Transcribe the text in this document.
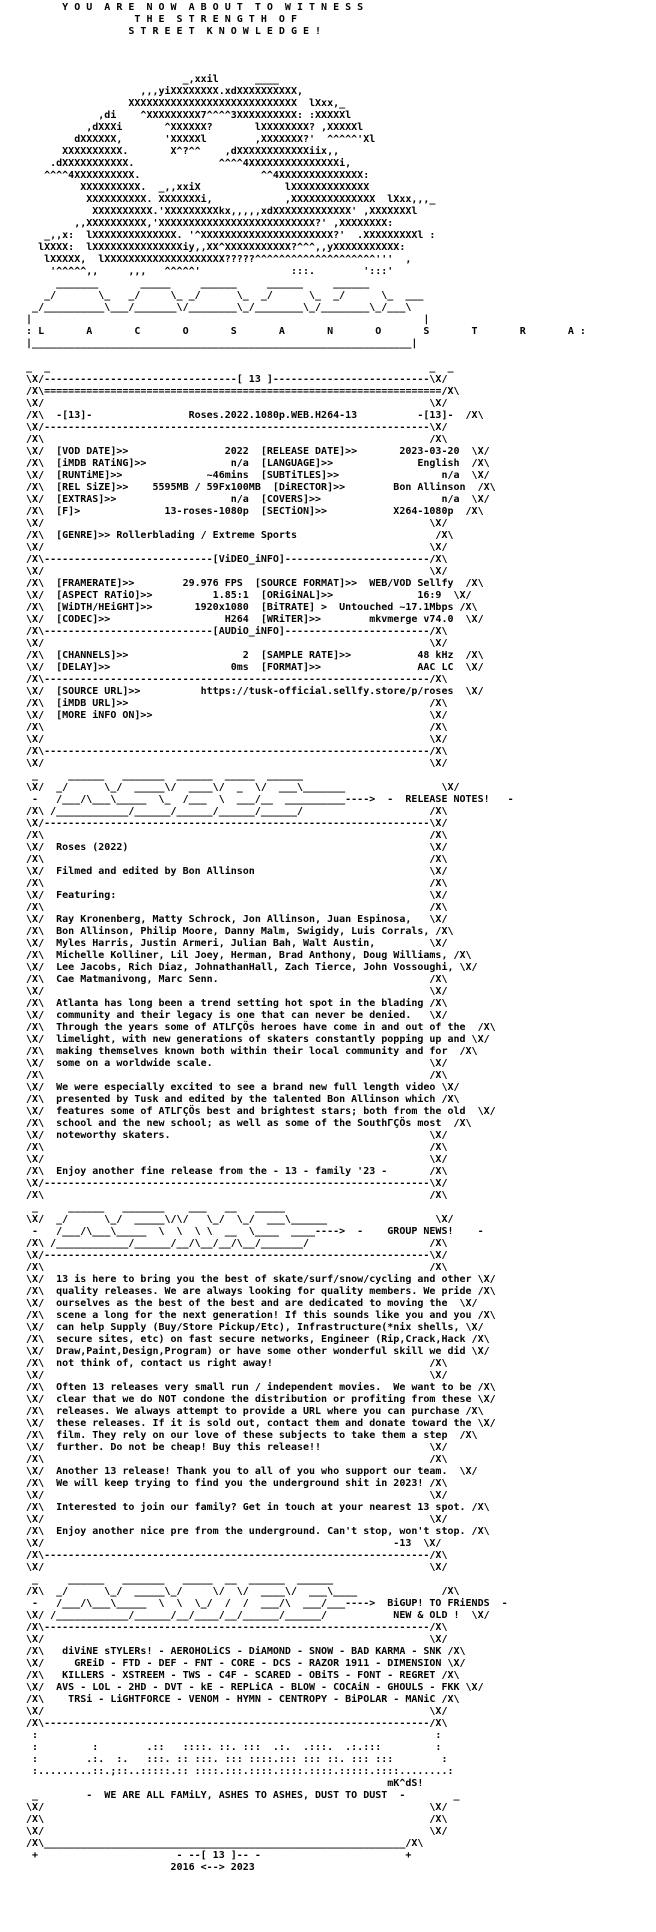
Y O U  A R E  N O W  A B O U T  T O  W I T N E S S
T H E  S T R E N G T H  O F
S T R E E T  K N O W L E D G E !
_,xxil      ____
,,,yiXXXXXXXX.xdXXXXXXXXXX,
XXXXXXXXXXXXXXXXXXXXXXXXXXXX  lXxx,_
,di    ^XXXXXXXXX7^^^^3XXXXXXXXXX: :XXXXXl
,dXXXi       ^XXXXXX?       lXXXXXXXX? ,XXXXXl
dXXXXXX,       'XXXXXl        ,XXXXXXX?'  ^^^^^'Xl
XXXXXXXXXX.       X^?^^    ,dXXXXXXXXXXXXiix,,
.dXXXXXXXXXXX.              ^^^^4XXXXXXXXXXXXXXXi,
^^^^4XXXXXXXXXX.                    ^^4XXXXXXXXXXXXXX:
XXXXXXXXXX.  _,,xxiX              lXXXXXXXXXXXXX
XXXXXXXXXX. XXXXXXXi,            ,XXXXXXXXXXXXXX  lXxx,,,_
XXXXXXXXXX.'XXXXXXXXXkx,,,,,xdXXXXXXXXXXXXX' ,XXXXXXXl
,,XXXXXXXXXX,'XXXXXXXXXXXXXXXXXXXXXXXXXX?' ,XXXXXXXX:
_,,x:  lXXXXXXXXXXXXXX. '^XXXXXXXXXXXXXXXXXXXXXX?'  .XXXXXXXXXl :
lXXXX:  lXXXXXXXXXXXXXXXiy,,XX^XXXXXXXXXXX?^^^,,yXXXXXXXXXXX:
lXXXXX,  lXXXXXXXXXXXXXXXXXXXX?????^^^^^^^^^^^^^^^^^^^^'''  ,
'^^^^^,,     ,,,   ^^^^^'               :::.        ':::'
_______       _____     ______     ______     ______
_/       \_   _/     \_ _/      \_  _/      \_  _/      \_  ___
_/__________\___/_______\/________\_/________\_/________\_/___\
|                                                                 |
: L       A       C       O       S       A       N       O       S       T       R       A :
|_______________________________________________________________|
_  _                                                               _  _
\X/--------------------------------[ 13 ]--------------------------\X/
/X\==================================================================/X\
\X/                                                                \X/
/X\  -[13]-                Roses.2022.1080p.WEB.H264-13          -[13]-  /X\
\X/----------------------------------------------------------------\X/
/X\                                                                /X\
\X/  [VOD DATE]>>                2022  [RELEASE DATE]>>       2023-03-20  \X/
/X\  [iMDB RATiNG]>>              n/a  [LANGUAGE]>>              English  /X\
\X/  [RUNTiME]>>              ~46mins  [SUBTiTLES]>>                 n/a  \X/
/X\  [REL SiZE]>>    5595MB / 59Fx100MB  [DiRECTOR]>>        Bon Allinson  /X\
\X/  [EXTRAS]>>                   n/a  [COVERS]>>                    n/a  \X/
/X\  [F]>              13-roses-1080p  [SECTiON]>>           X264-1080p  /X\
\X/                                                                \X/
/X\  [GENRE]>> Rollerblading / Extreme Sports                       /X\
\X/                                                                \X/
/X\----------------------------[ViDEO_iNFO]------------------------/X\
\X/                                                                \X/
/X\  [FRAMERATE]>>        29.976 FPS  [SOURCE FORMAT]>>  WEB/VOD Sellfy  /X\
\X/  [ASPECT RATiO]>>          1.85:1  [ORiGiNAL]>>              16:9  \X/
/X\  [WiDTH/HEiGHT]>>       1920x1080  [BiTRATE] >  Untouched ~17.1Mbps /X\
\X/  [CODEC]>>                   H264  [WRiTER]>>        mkvmerge v74.0  \X/
/X\----------------------------[AUDiO_iNFO]------------------------/X\
\X/                                                                \X/
/X\  [CHANNELS]>>                   2  [SAMPLE RATE]>>           48 kHz  /X\
\X/  [DELAY]>>                    0ms  [FORMAT]>>                AAC LC  \X/
/X\----------------------------------------------------------------/X\
\X/  [SOURCE URL]>>          https://tusk-official.sellfy.store/p/roses  \X/
/X\  [iMDB URL]>>                                                  /X\
\X/  [MORE iNFO ON]>>                                              \X/
/X\                                                                /X\
\X/                                                                \X/
/X\----------------------------------------------------------------/X\
\X/                                                                \X/
_     ______   _______  ______  _____  ______
\X/  _/      \_/  _____\/  ____\/  _  \/  ___\_______                \X/
-   /___/\___\_____  \_  /___  \  ___/__  __________---->  -  RELEASE NOTES!   -
/X\ /____________/______/______/______/______/                     /X\
\X/----------------------------------------------------------------\X/
/X\                                                                /X\
\X/  Roses (2022)                                                  \X/
/X\                                                                /X\
\X/  Filmed and edited by Bon Allinson                             \X/
/X\                                                                /X\
\X/  Featuring:                                                    \X/
/X\                                                                /X\
\X/  Ray Kronenberg, Matty Schrock, Jon Allinson, Juan Espinosa,   \X/
/X\  Bon Allinson, Philip Moore, Danny Malm, Swigidy, Luis Corrals, /X\
\X/  Myles Harris, Justin Armeri, Julian Bah, Walt Austin,         \X/
/X\  Michelle Kolliner, Lil Joey, Herman, Brad Anthony, Doug Williams, /X\
\X/  Lee Jacobs, Rich Diaz, JohnathanHall, Zach Tierce, John Vossoughi, \X/
/X\  Cae Matmanivong, Marc Senn.                                   /X\
\X/                                                                \X/
/X\  Atlanta has long been a trend setting hot spot in the blading /X\
\X/  community and their legacy is one that can never be denied.   \X/
/X\  Through the years some of ATLГÇÖs heroes have come in and out of the  /X\
\X/  limelight, with new generations of skaters constantly popping up and \X/
/X\  making themselves known both within their local community and for  /X\
\X/  some on a worldwide scale.                                    \X/
/X\                                                                /X\
\X/  We were especially excited to see a brand new full length video \X/
/X\  presented by Tusk and edited by the talented Bon Allinson which /X\
\X/  features some of ATLГÇÖs best and brightest stars; both from the old  \X/
/X\  school and the new school; as well as some of the SouthГÇÖs most  /X\
\X/  noteworthy skaters.                                           \X/
/X\                                                                /X\
\X/                                                                \X/
/X\  Enjoy another fine release from the - 13 - family '23 -       /X\
\X/----------------------------------------------------------------\X/
/X\                                                                /X\
_     ______   _______    ___   __   _____
\X/  _/      \_/  _____\/\/   \_/  \_/  ___\______                  \X/
-   /___/\___\_____  \  \  \ \  __  \____  ____---->  -    GROUP NEWS!    -
/X\ /____________/______/__/\__/__/\__/_______/                    /X\
\X/----------------------------------------------------------------\X/
/X\                                                                /X\
\X/  13 is here to bring you the best of skate/surf/snow/cycling and other \X/
/X\  quality releases. We are always looking for quality members. We pride /X\
\X/  ourselves as the best of the best and are dedicated to moving the  \X/
/X\  scene a long for the next generation! If this sounds like you and you /X\
\X/  can help Supply (Buy/Store Pickup/Etc), Infrastructure(*nix shells, \X/
/X\  secure sites, etc) on fast secure networks, Engineer (Rip,Crack,Hack /X\
\X/  Draw,Paint,Design,Program) or have some other wonderful skill we did \X/
/X\  not think of, contact us right away!                          /X\
\X/                                                                \X/
/X\  Often 13 releases very small run / independent movies.  We want to be /X\
\X/  clear that we do NOT condone the distribution or profiting from these \X/
/X\  releases. We always attempt to provide a URL where you can purchase /X\
\X/  these releases. If it is sold out, contact them and donate toward the \X/
/X\  film. They rely on our love of these subjects to take them a step  /X\
\X/  further. Do not be cheap! Buy this release!!                  \X/
/X\                                                                /X\
\X/  Another 13 release! Thank you to all of you who support our team.  \X/
/X\  We will keep trying to find you the underground shit in 2023! /X\
\X/                                                                \X/
/X\  Interested to join our family? Get in touch at your nearest 13 spot. /X\
\X/                                                                \X/
/X\  Enjoy another nice pre from the underground. Can't stop, won't stop. /X\
\X/                                                          -13  \X/
/X\----------------------------------------------------------------/X\
\X/                                                                \X/
_     ______   _______   _____  __  ______  ______
/X\  _/      \_/  _____\_/     \/  \/  ____\/  ___\____              /X\
-   /___/\___\_____  \  \  \_/  /  /  ___/\  ___/___---->  BiGUP! TO FRiENDS  -
\X/ /____________/______/__/____/__/______/______/           NEW & OLD !  \X/
/X\----------------------------------------------------------------/X\
\X/                                                                \X/
/X\   diViNE sTYLERs! - AEROHOLiCS - DiAMOND - SNOW - BAD KARMA - SNK /X\
\X/     GREiD - FTD - DEF - FNT - CORE - DCS - RAZOR 1911 - DIMENSION \X/
/X\   KILLERS - XSTREEM - TWS - C4F - SCARED - OBiTS - FONT - REGRET /X\
\X/  AVS - LOL - 2HD - DVT - kE - REPLiCA - BLOW - COCAiN - GHOULS - FKK \X/
/X\    TRSi - LiGHTFORCE - VENOM - HYMN - CENTROPY - BiPOLAR - MANiC /X\
\X/                                                                \X/
/X\----------------------------------------------------------------/X\
:                                                                  :
:         :        .::   ::::. ::. :::  .:.  .:::.  .:.:::         :
:        .:.  :.   :::. :: :::. ::: ::::.::: ::: ::. ::: :::        :
:.........::.;::..:::::.:: ::::.:::.::::.::::.::::.:::::.::::........:
mK^dS!
_        -  WE ARE ALL FAMiLY, ASHES TO ASHES, DUST TO DUST  -        _
\X/                                                                \X/
/X\                                                                /X\
\X/                                                                \X/
/X\____________________________________________________________/X\
+                       - --[ 13 ]-- -                        +
2016 <--> 2023
